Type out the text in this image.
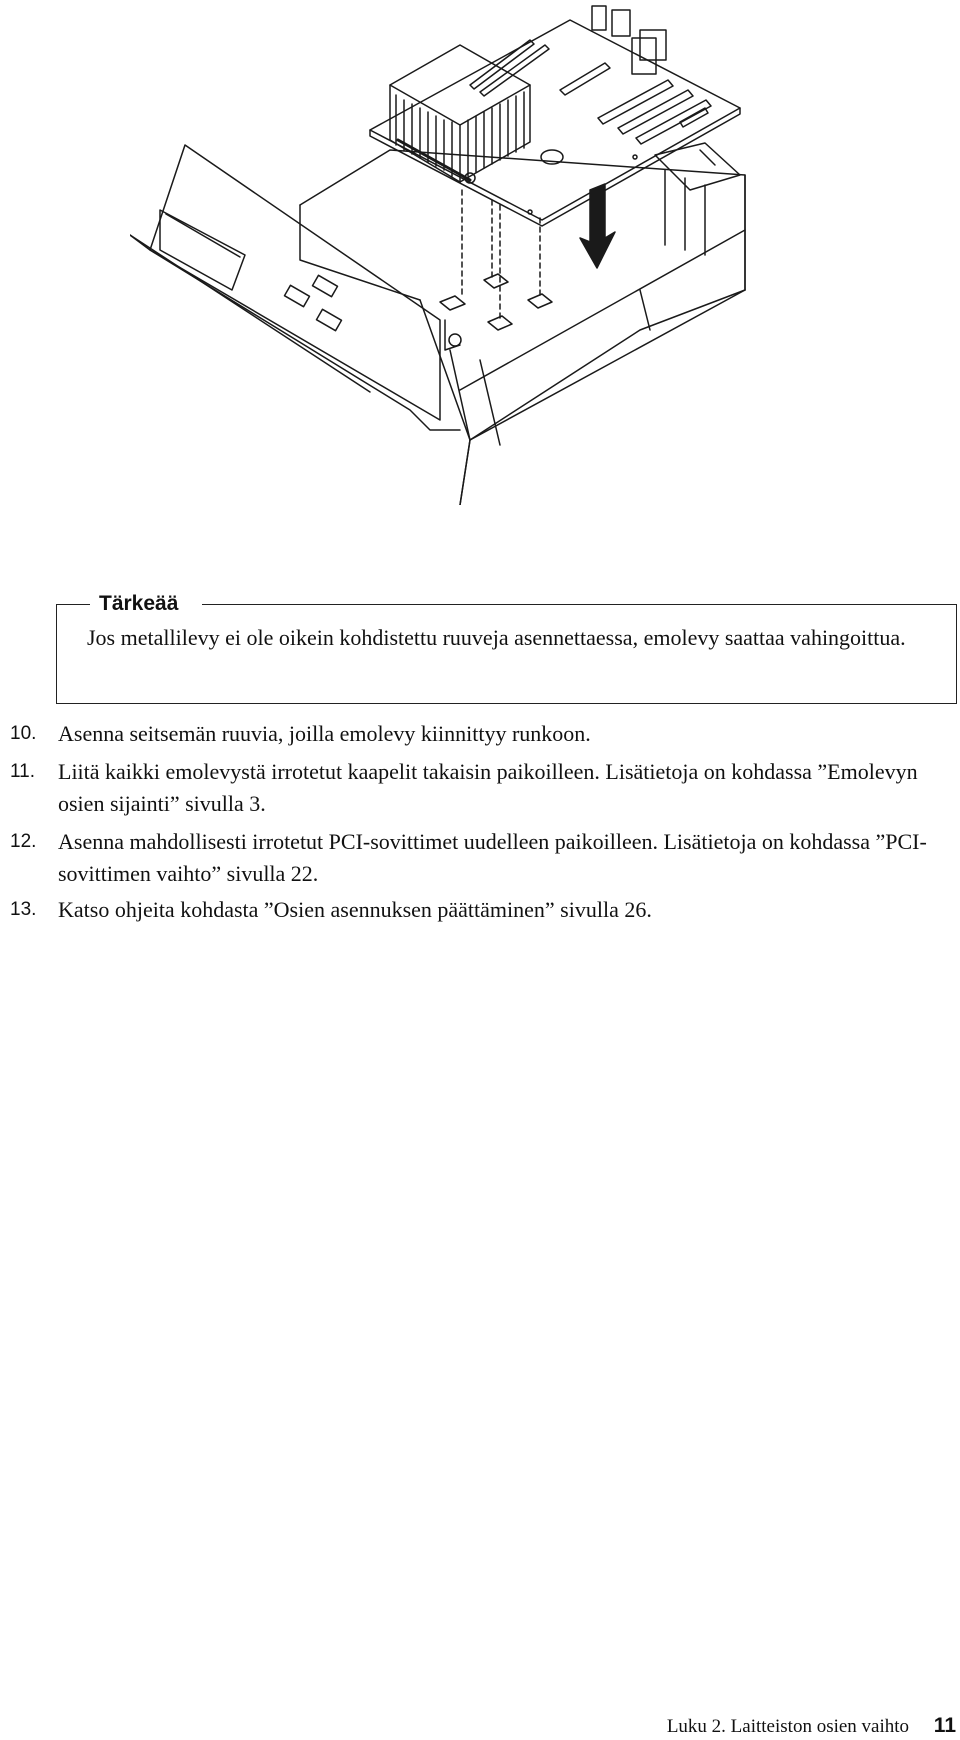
Tärkeää
Jos metallilevy ei ole oikein kohdistettu ruuveja asennettaessa, emolevy saattaa vahingoittua.
10. Asenna seitsemän ruuvia, joilla emolevy kiinnittyy runkoon.
11. Liitä kaikki emolevystä irrotetut kaapelit takaisin paikoilleen. Lisätietoja on kohdassa ”Emolevyn osien sijainti” sivulla 3.
12. Asenna mahdollisesti irrotetut PCI-sovittimet uudelleen paikoilleen. Lisätietoja on kohdassa ”PCI-sovittimen vaihto” sivulla 22.
13. Katso ohjeita kohdasta ”Osien asennuksen päättäminen” sivulla 26.
Luku 2. Laitteiston osien vaihto 11
